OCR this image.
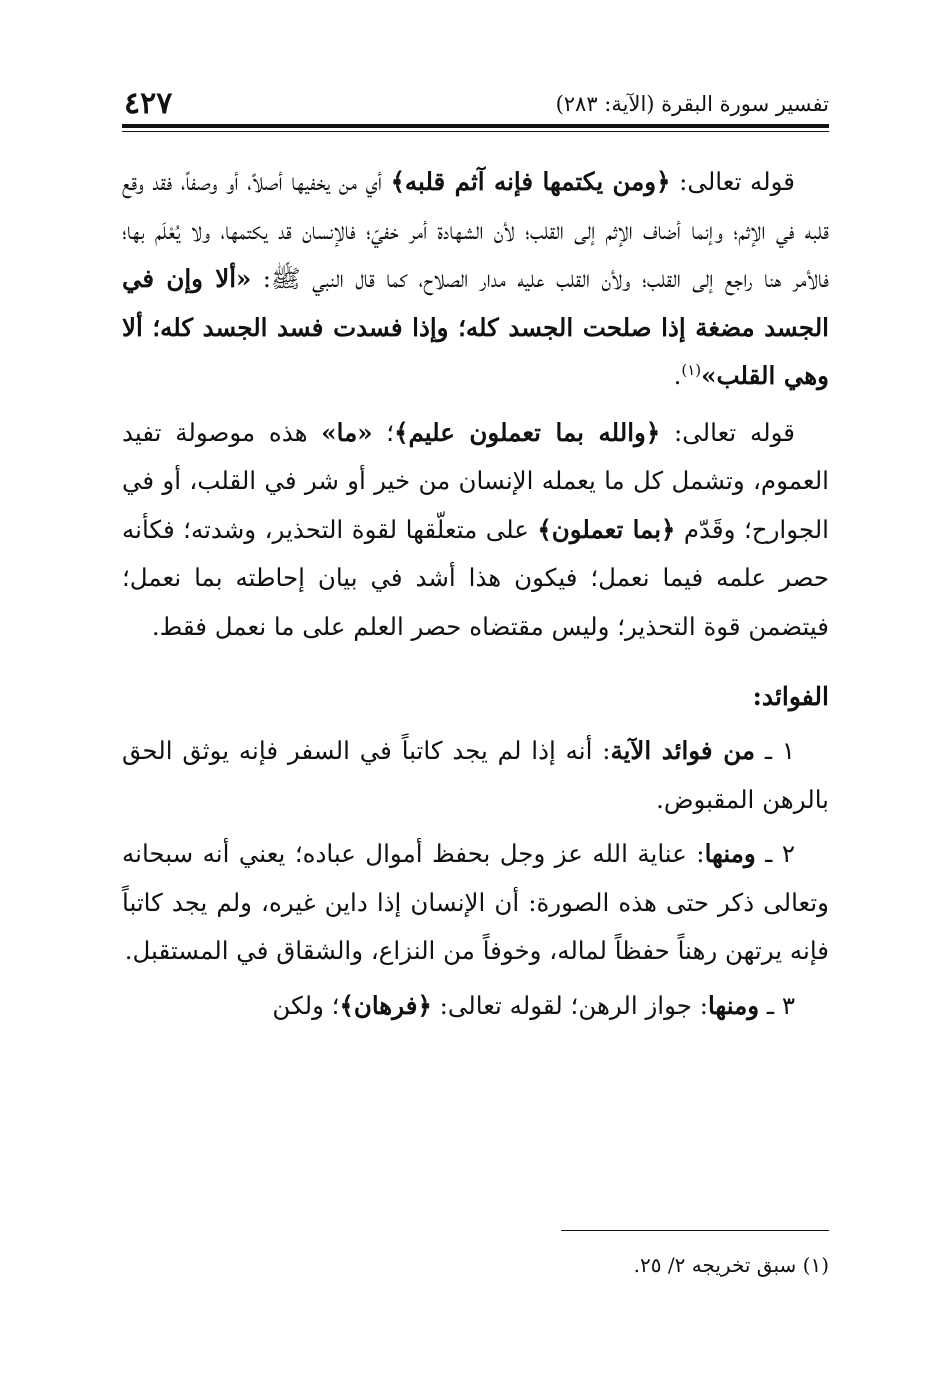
تفسير سورة البقرة (الآية: ٢٨٣)
٤٢٧

قوله تعالى: ﴿ومن يكتمها فإنه آثم قلبه﴾ أي من يخفيها أصلاً، أو وصفاً، فقد وقع قلبه في الإثم؛ وإنما أضاف الإثم إلى القلب؛ لأن الشهادة أمر خفيّ؛ فالإنسان قد يكتمها، ولا يُعْلَم بها؛ فالأمر هنا راجع إلى القلب؛ ولأن القلب عليه مدار الصلاح، كما قال النبي ﷺ: «ألا وإن في الجسد مضغة إذا صلحت الجسد كله؛ وإذا فسدت فسد الجسد كله؛ ألا وهي القلب»$^{(١)}$.

قوله تعالى: ﴿والله بما تعملون عليم﴾؛ «ما» هذه موصولة تفيد العموم، وتشمل كل ما يعمله الإنسان من خير أو شر في القلب، أو في الجوارح؛ وقَدّم ﴿بما تعملون﴾ على متعلّقها لقوة التحذير، وشدته؛ فكأنه حصر علمه فيما نعمل؛ فيكون هذا أشد في بيان إحاطته بما نعمل؛ فيتضمن قوة التحذير؛ وليس مقتضاه حصر العلم على ما نعمل فقط.

الفوائد:

١ ـ من فوائد الآية: أنه إذا لم يجد كاتباً في السفر فإنه يوثق الحق بالرهن المقبوض.

٢ ـ ومنها: عناية الله عز وجل بحفظ أموال عباده؛ يعني أنه سبحانه وتعالى ذكر حتى هذه الصورة: أن الإنسان إذا داين غيره، ولم يجد كاتباً فإنه يرتهن رهناً حفظاً لماله، وخوفاً من النزاع، والشقاق في المستقبل.

٣ ـ ومنها: جواز الرهن؛ لقوله تعالى: ﴿فرهان﴾؛ ولكن

(١) سبق تخريجه ٢/ ٢٥.
